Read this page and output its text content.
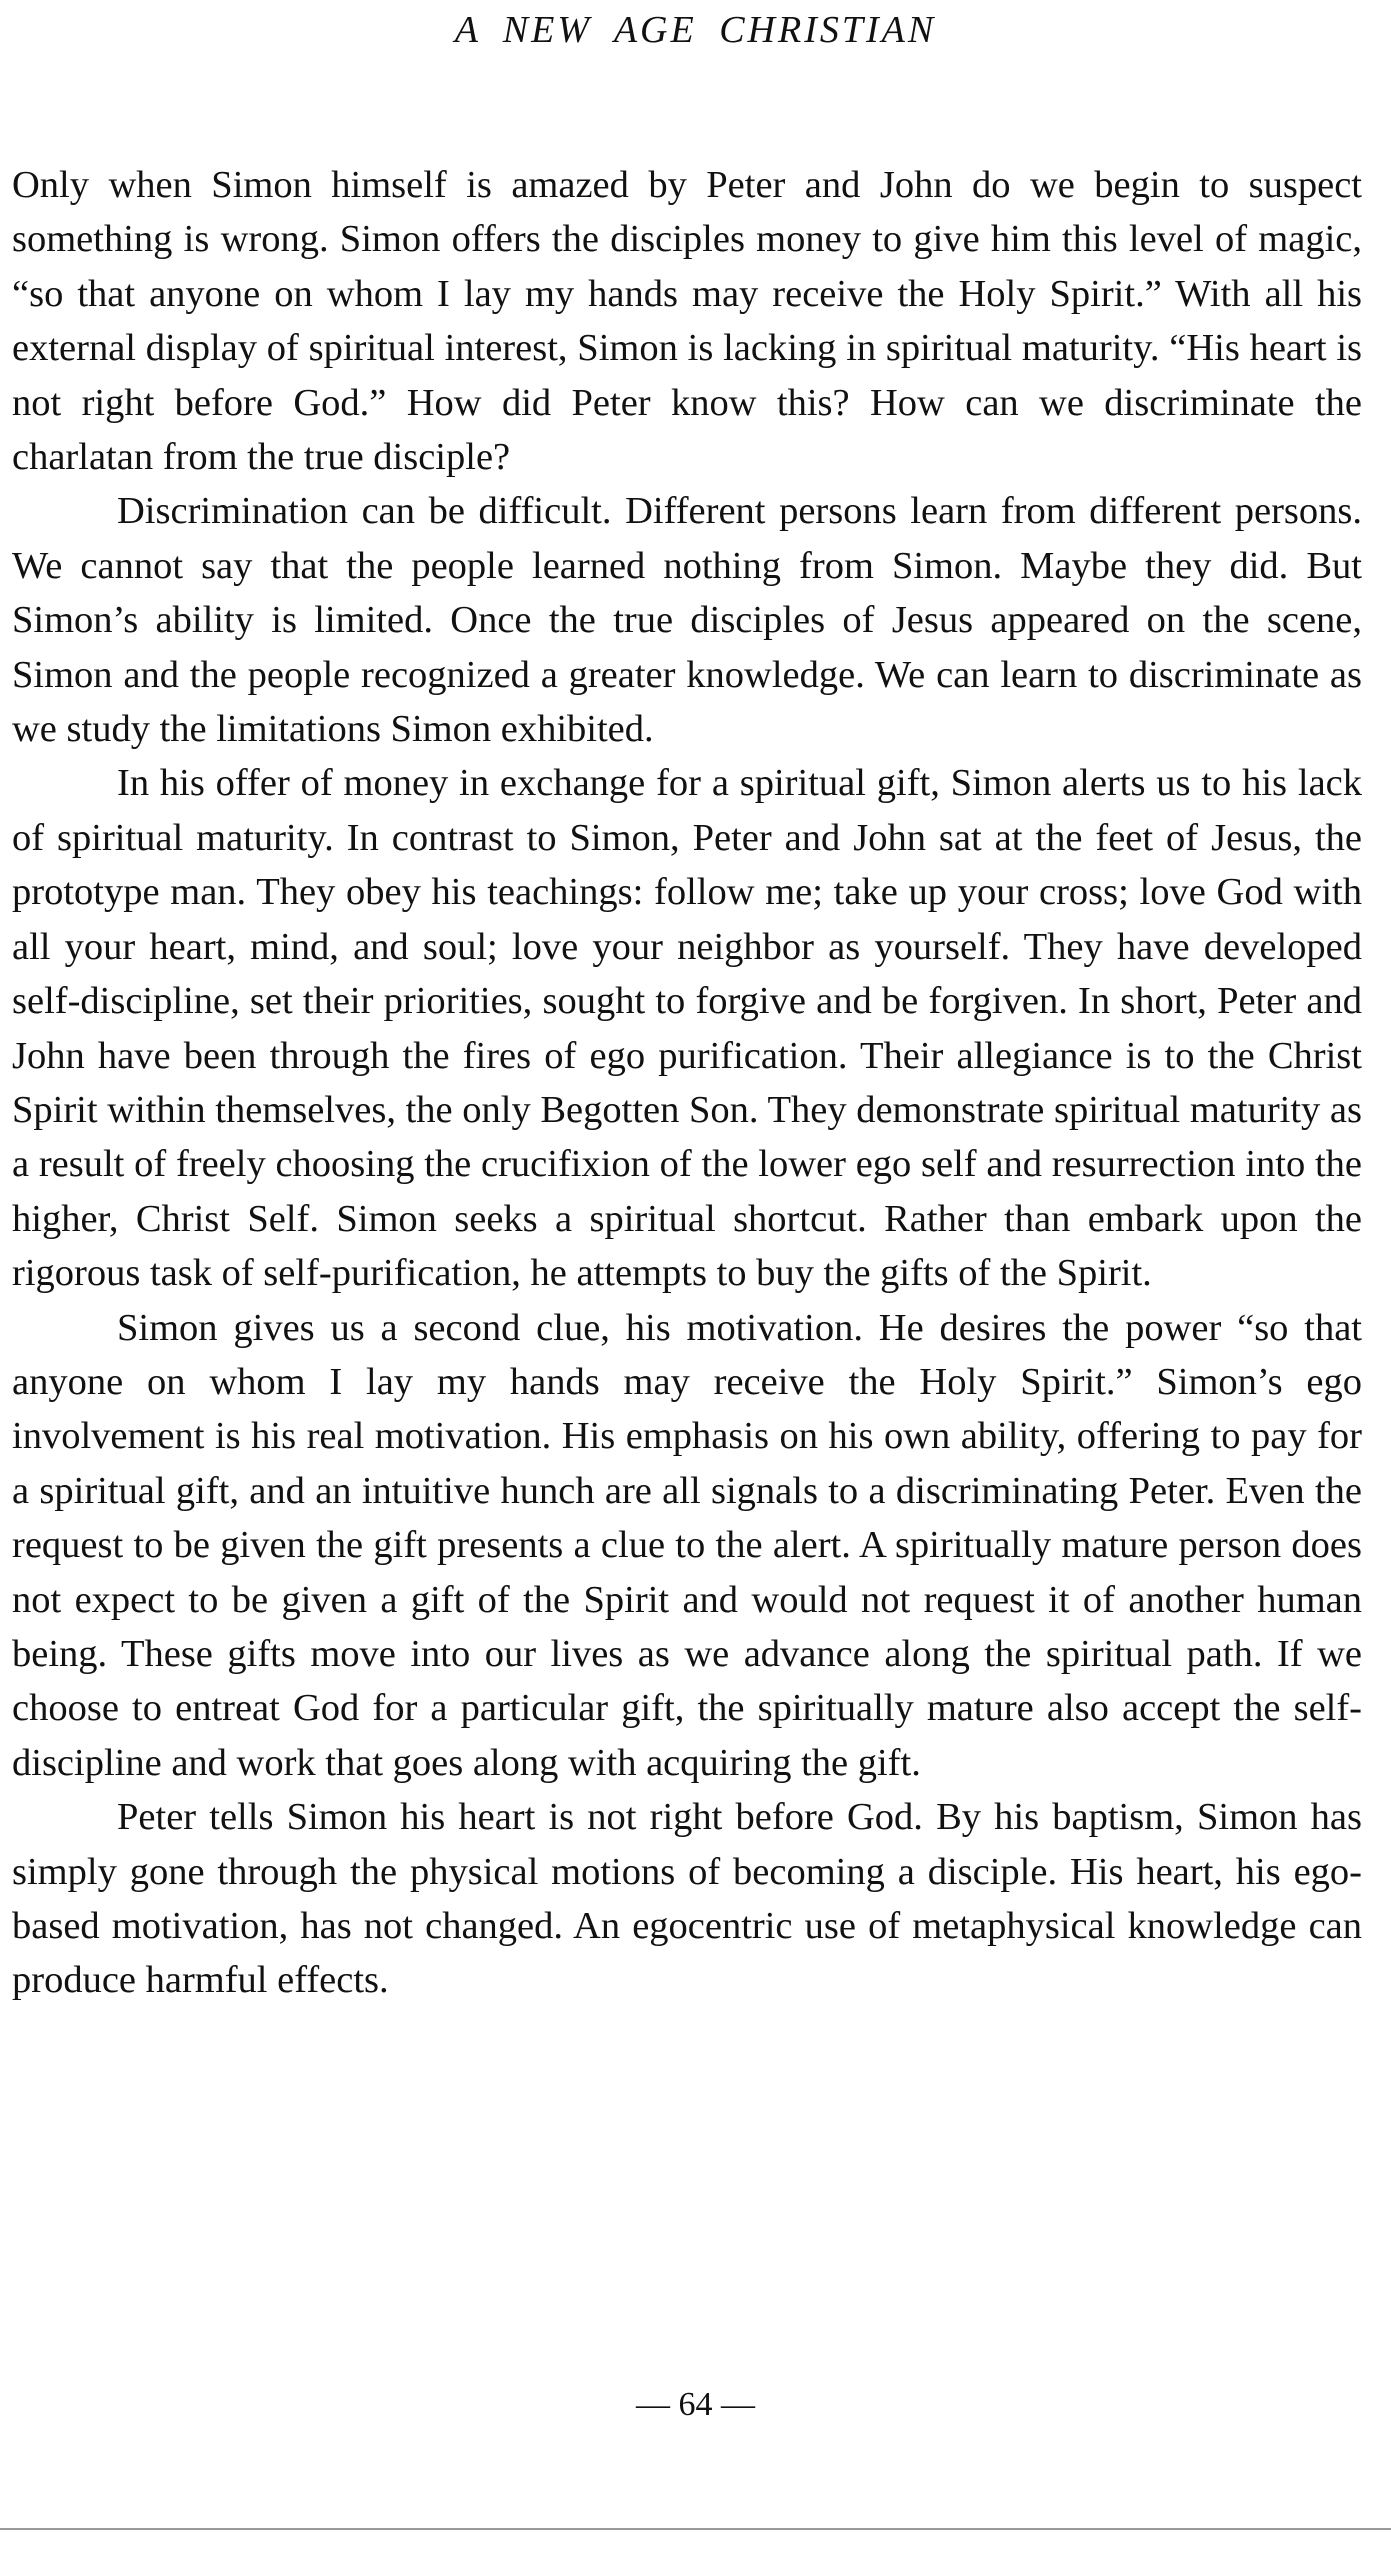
A NEW AGE CHRISTIAN

Only when Simon himself is amazed by Peter and John do we begin to suspect something is wrong. Simon offers the disciples money to give him this level of magic, “so that anyone on whom I lay my hands may receive the Holy Spirit.” With all his external display of spiritual interest, Simon is lacking in spiritual maturity. “His heart is not right before God.” How did Peter know this? How can we discriminate the charlatan from the true disciple?

Discrimination can be difficult. Different persons learn from different persons. We cannot say that the people learned nothing from Simon. Maybe they did. But Simon’s ability is limited. Once the true disciples of Jesus appeared on the scene, Simon and the people recognized a greater knowledge. We can learn to discriminate as we study the limitations Simon exhibited.

In his offer of money in exchange for a spiritual gift, Simon alerts us to his lack of spiritual maturity. In contrast to Simon, Peter and John sat at the feet of Jesus, the prototype man. They obey his teachings: follow me; take up your cross; love God with all your heart, mind, and soul; love your neighbor as yourself. They have developed self-discipline, set their priorities, sought to forgive and be forgiven. In short, Peter and John have been through the fires of ego purification. Their allegiance is to the Christ Spirit within themselves, the only Begotten Son. They demonstrate spiritual maturity as a result of freely choosing the crucifixion of the lower ego self and resurrection into the higher, Christ Self. Simon seeks a spiritual shortcut. Rather than embark upon the rigorous task of self-purification, he attempts to buy the gifts of the Spirit.

Simon gives us a second clue, his motivation. He desires the power “so that anyone on whom I lay my hands may receive the Holy Spirit.” Simon’s ego involvement is his real motivation. His emphasis on his own ability, offering to pay for a spiritual gift, and an intuitive hunch are all signals to a discriminating Peter. Even the request to be given the gift presents a clue to the alert. A spiritually mature person does not expect to be given a gift of the Spirit and would not request it of another human being. These gifts move into our lives as we advance along the spiritual path. If we choose to entreat God for a particular gift, the spiritually mature also accept the self-discipline and work that goes along with acquiring the gift.

Peter tells Simon his heart is not right before God. By his baptism, Simon has simply gone through the physical motions of becoming a disciple. His heart, his ego-based motivation, has not changed. An egocentric use of metaphysical knowledge can produce harmful effects.

— 64 —
